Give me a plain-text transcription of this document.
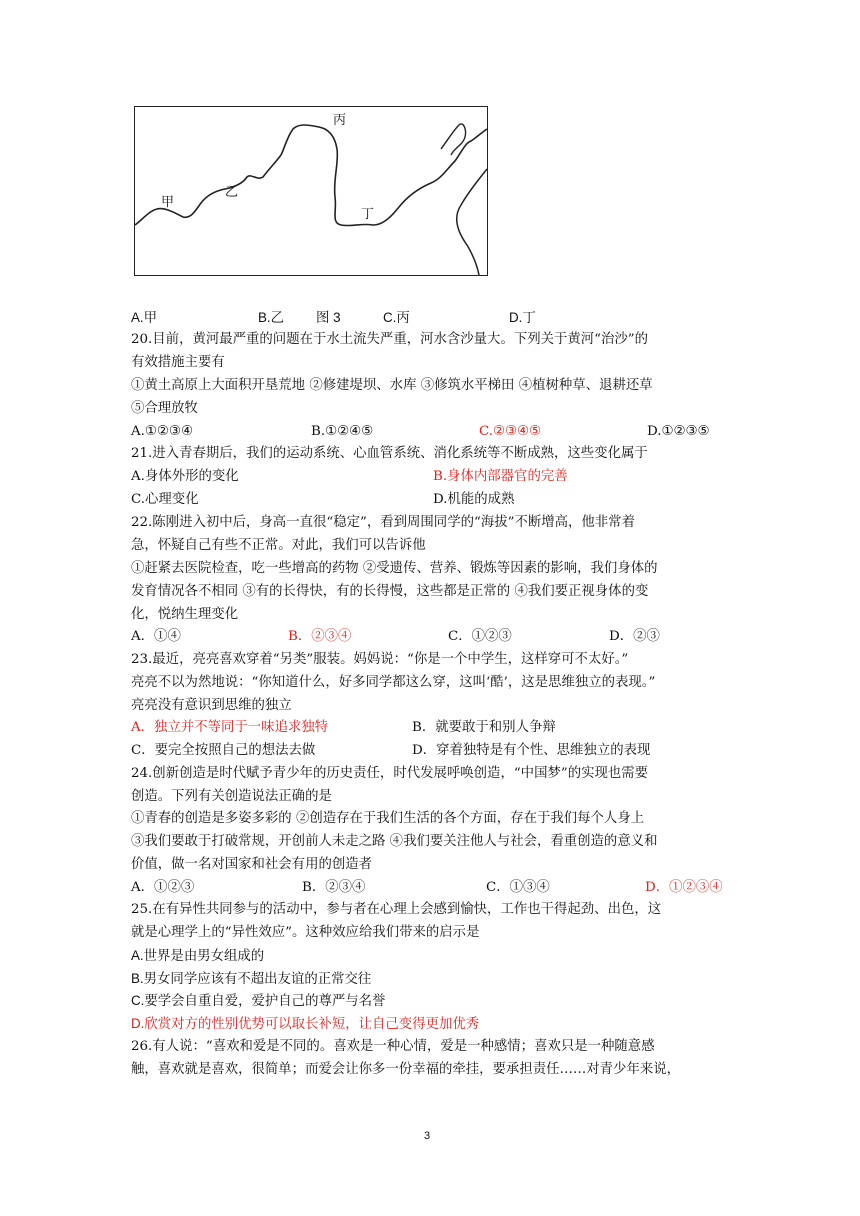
甲
乙
丙
丁
A.甲	B.乙 图 3	C.丙	D.丁
20.目前，黄河最严重的问题在于水土流失严重，河水含沙量大。下列关于黄河“治沙”的
有效措施主要有
①黄土高原上大面积开垦荒地 ②修建堤坝、水库 ③修筑水平梯田 ④植树种草、退耕还草
⑤合理放牧
A.①②③④	B.①②④⑤	C.②③④⑤	D.①②③⑤
21.进入青春期后，我们的运动系统、心血管系统、消化系统等不断成熟，这些变化属于
A.身体外形的变化	B.身体内部器官的完善
C.心理变化	D.机能的成熟
22.陈刚进入初中后，身高一直很“稳定”，看到周围同学的“海拔”不断增高，他非常着
急，怀疑自己有些不正常。对此，我们可以告诉他
①赶紧去医院检查，吃一些增高的药物 ②受遗传、营养、锻炼等因素的影响，我们身体的
发育情况各不相同 ③有的长得快，有的长得慢，这些都是正常的 ④我们要正视身体的变
化，悦纳生理变化
A．①④	B．②③④	C．①②③	D．②③
23.最近，亮亮喜欢穿着“另类”服装。妈妈说：“你是一个中学生，这样穿可不太好。”
亮亮不以为然地说：“你知道什么，好多同学都这么穿，这叫‘酷’，这是思维独立的表现。”
亮亮没有意识到思维的独立
A．独立并不等同于一味追求独特	B．就要敢于和别人争辩
C．要完全按照自己的想法去做	D．穿着独特是有个性、思维独立的表现
24.创新创造是时代赋予青少年的历史责任，时代发展呼唤创造，“中国梦”的实现也需要
创造。下列有关创造说法正确的是
①青春的创造是多姿多彩的 ②创造存在于我们生活的各个方面，存在于我们每个人身上
③我们要敢于打破常规，开创前人未走之路 ④我们要关注他人与社会，看重创造的意义和
价值，做一名对国家和社会有用的创造者
A．①②③	B．②③④	C．①③④	D．①②③④
25.在有异性共同参与的活动中，参与者在心理上会感到愉快，工作也干得起劲、出色，这
就是心理学上的“异性效应”。这种效应给我们带来的启示是
A.世界是由男女组成的
B.男女同学应该有不超出友谊的正常交往
C.要学会自重自爱，爱护自己的尊严与名誉
D.欣赏对方的性别优势可以取长补短，让自己变得更加优秀
26.有人说：“喜欢和爱是不同的。喜欢是一种心情，爱是一种感情；喜欢只是一种随意感
触，喜欢就是喜欢，很简单；而爱会让你多一份幸福的牵挂，要承担责任……对青少年来说，
3
